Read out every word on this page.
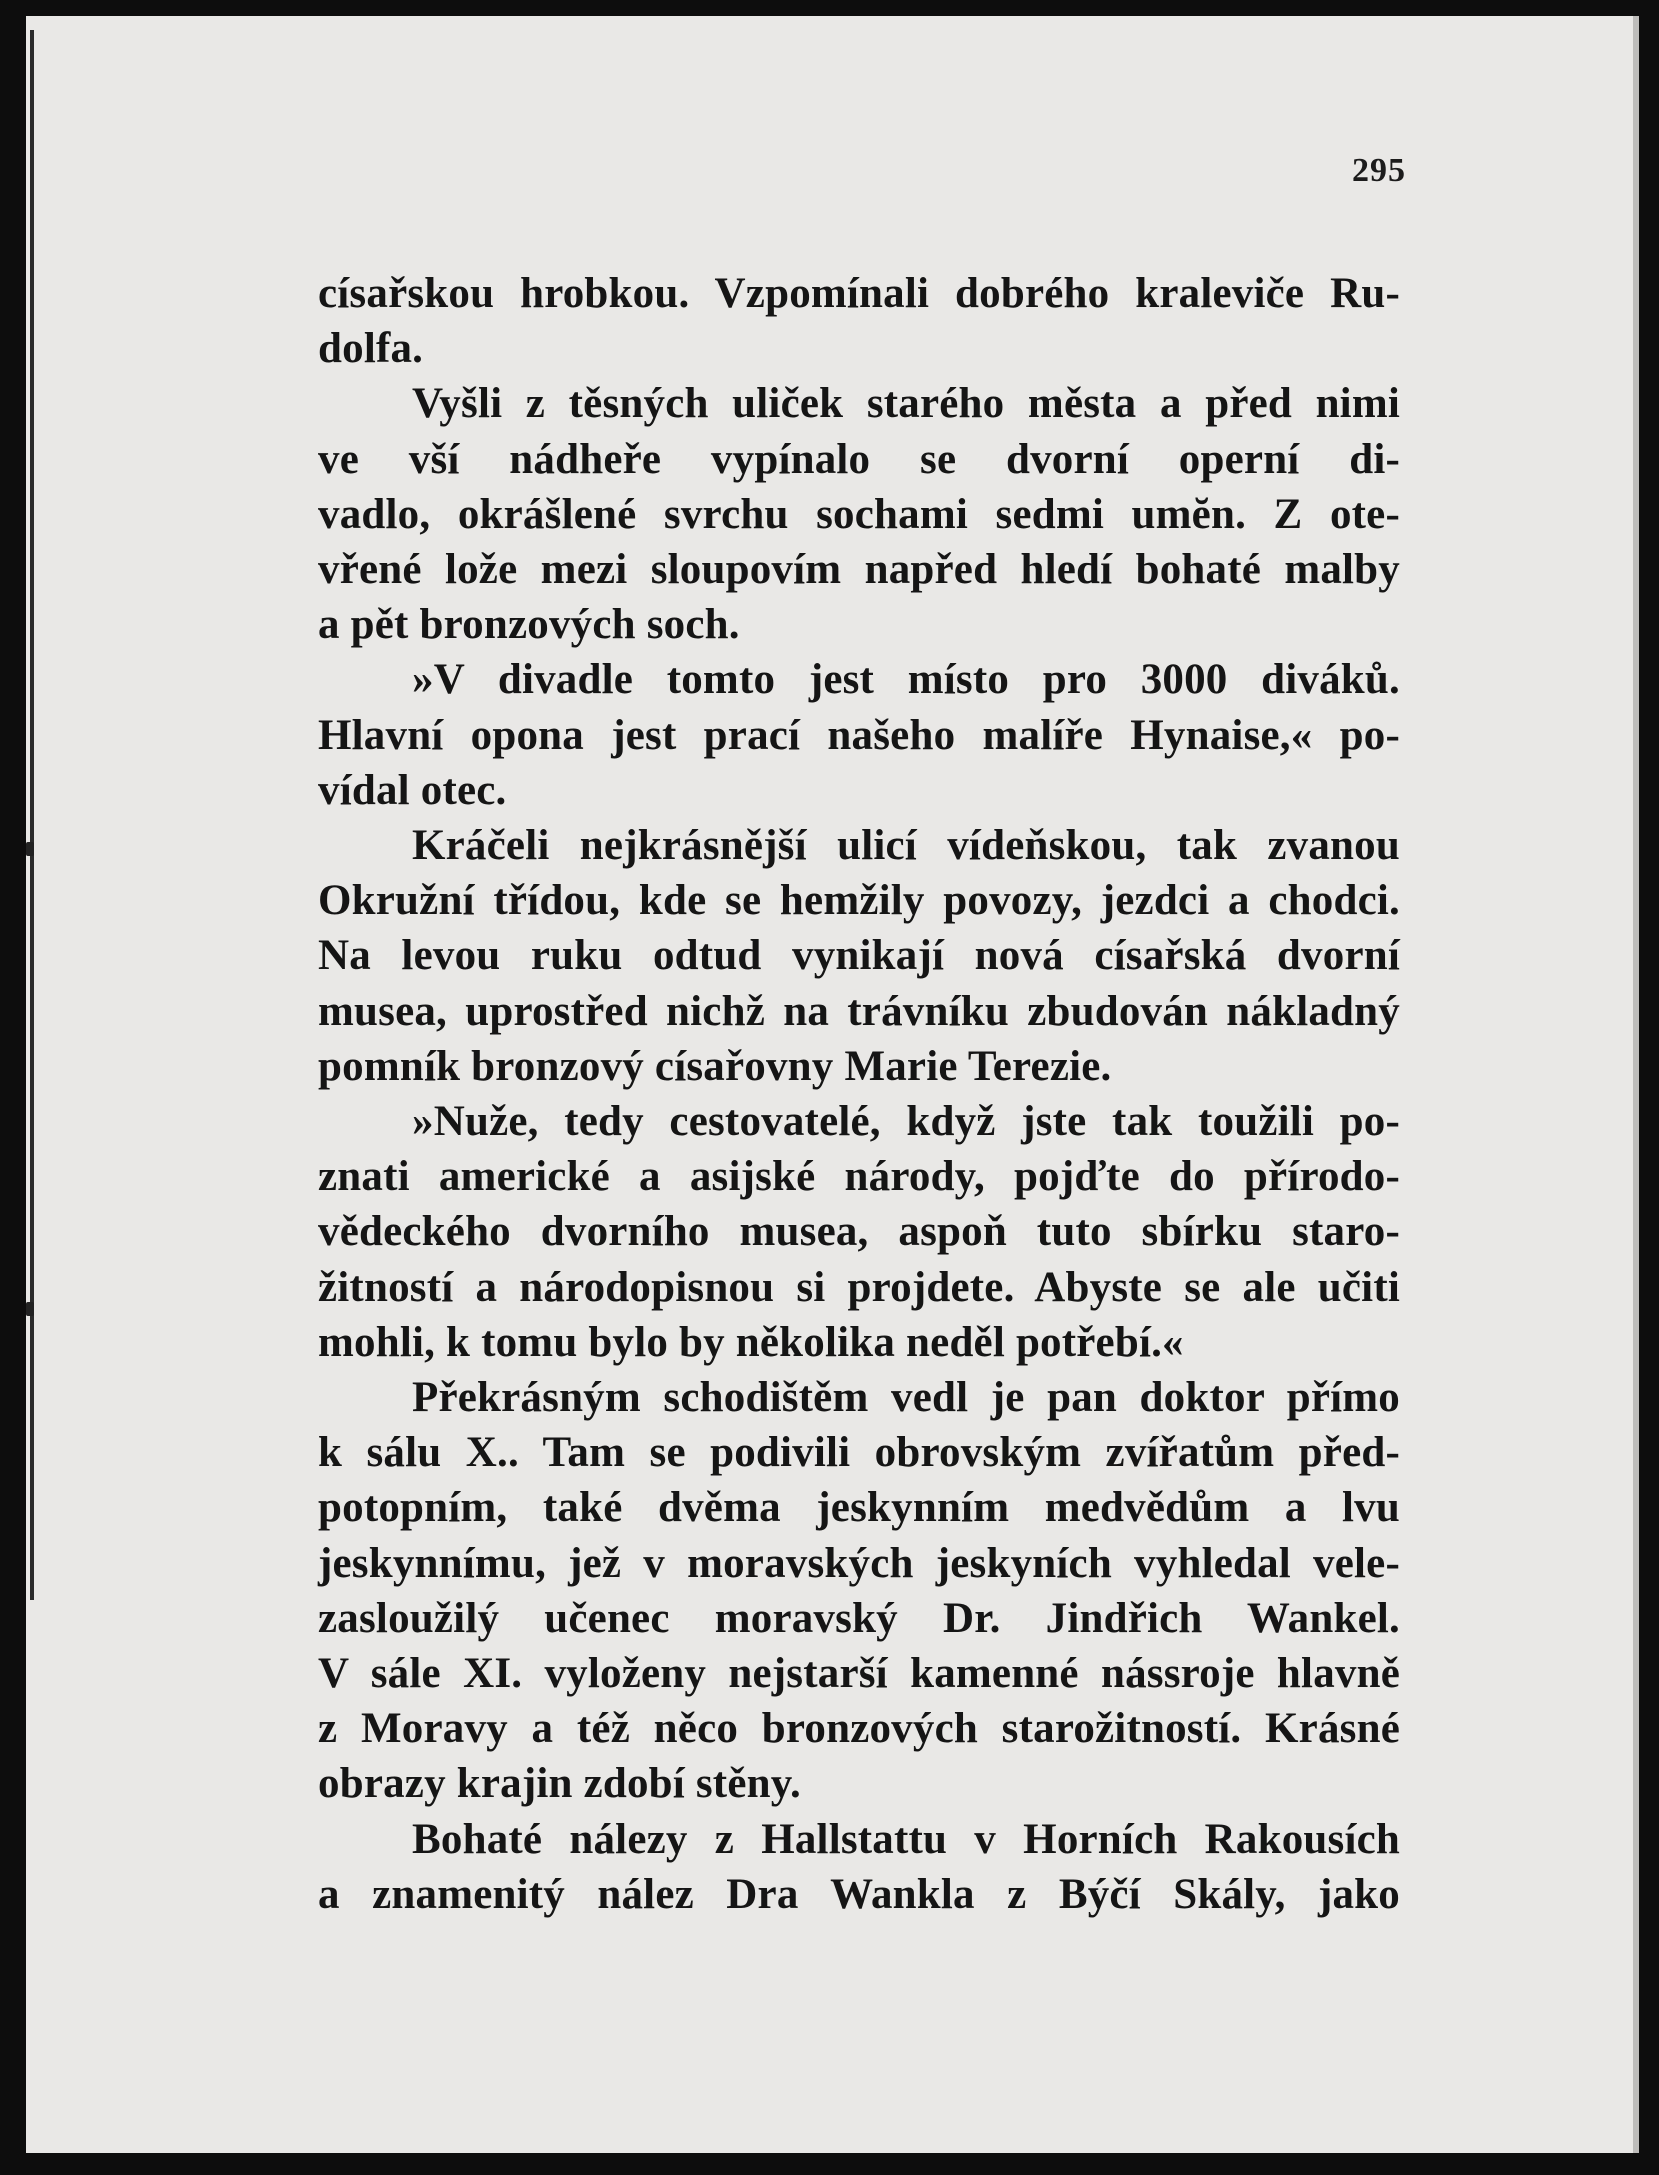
295

císařskou hrobkou. Vzpomínali dobrého kraleviče Ru-

dolfa.

Vyšli z těsných uliček starého města a před nimi

ve vší nádheře vypínalo se dvorní operní di-

vadlo, okrášlené svrchu sochami sedmi umĕn. Z ote-

vřené lože mezi sloupovím napřed hledí bohaté malby

a pět bronzových soch.

»V divadle tomto jest místo pro 3000 diváků.

Hlavní opona jest prací našeho malíře Hynaise,« po-

vídal otec.

Kráčeli nejkrásnější ulicí vídeňskou, tak zvanou

Okružní třídou, kde se hemžily povozy, jezdci a chodci.

Na levou ruku odtud vynikají nová císařská dvorní

musea, uprostřed nichž na trávníku zbudován nákladný

pomník bronzový císařovny Marie Terezie.

»Nuže, tedy cestovatelé, když jste tak toužili po-

znati americké a asijské národy, pojďte do přírodo-

vědeckého dvorního musea, aspoň tuto sbírku staro-

žitností a národopisnou si projdete. Abyste se ale učiti

mohli, k tomu bylo by několika neděl potřebí.«

Překrásným schodištěm vedl je pan doktor přímo

k sálu X.. Tam se podivili obrovským zvířatům před-

potopním, také dvěma jeskynním medvědům a lvu

jeskynnímu, jež v moravských jeskyních vyhledal vele-

zasloužilý učenec moravský Dr. Jindřich Wankel.

V sále XI. vyloženy nejstarší kamenné nássroje hlavně

z Moravy a též něco bronzových starožitností. Krásné

obrazy krajin zdobí stěny.

Bohaté nálezy z Hallstattu v Horních Rakousích

a znamenitý nález Dra Wankla z Býčí Skály, jako
